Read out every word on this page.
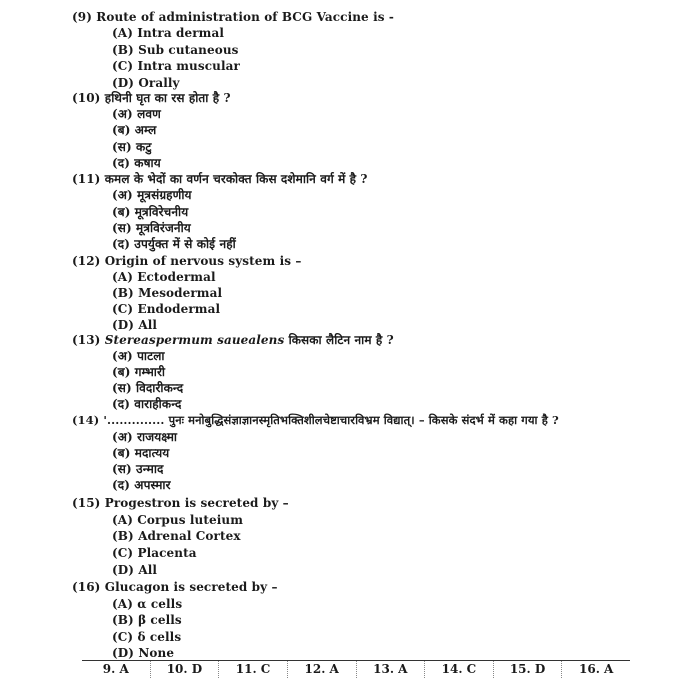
(9) Route of administration of BCG Vaccine is -
(A) Intra dermal
(B) Sub cutaneous
(C) Intra muscular
(D) Orally
(10) हथिनी घृत का रस होता है ?
(अ) लवण
(ब) अम्ल
(स) कटु
(द) कषाय
(11) कमल के भेदों का वर्णन चरकोक्त किस दशेमानि वर्ग में है ?
(अ) मूत्रसंग्रहणीय
(ब) मूत्रविरेचनीय
(स) मूत्रविरंजनीय
(द) उपर्युक्त में से कोई नहीं
(12) Origin of nervous system is –
(A) Ectodermal
(B) Mesodermal
(C) Endodermal
(D) All
(13) Stereaspermum sauealens किसका लैटिन नाम है ?
(अ) पाटला
(ब) गम्भारी
(स) विदारीकन्द
(द) वाराहीकन्द
(14) '.............. पुनः मनोबुद्धिसंज्ञाज्ञानस्मृतिभक्तिशीलचेष्टाचारविभ्रम विद्यात्। – किसके संदर्भ में कहा गया है ?
(अ) राजयक्ष्मा
(ब) मदात्यय
(स) उन्माद
(द) अपस्मार
(15) Progestron is secreted by –
(A) Corpus luteium
(B) Adrenal Cortex
(C) Placenta
(D) All
(16) Glucagon is secreted by –
(A) α cells
(B) β cells
(C) δ cells
(D) None
9. A	10. D	11. C	12. A	13. A	14. C	15. D	16. A
